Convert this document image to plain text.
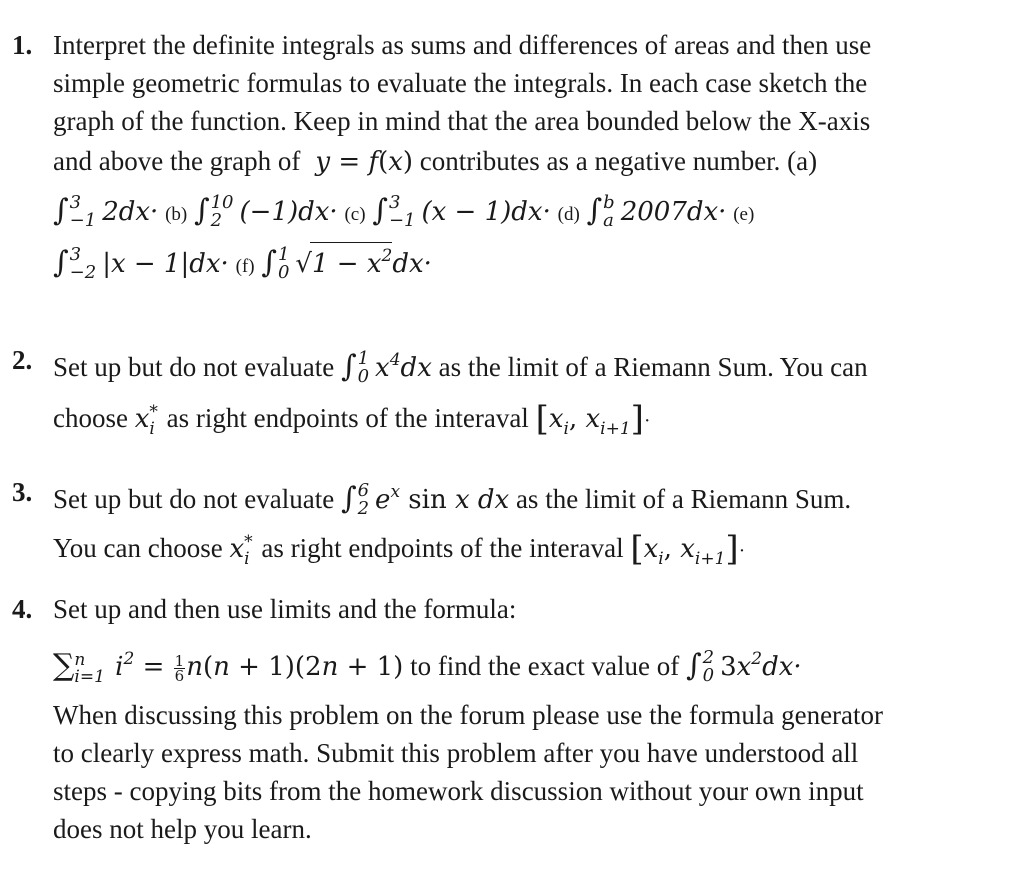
1. Interpret the definite integrals as sums and differences of areas and then use
simple geometric formulas to evaluate the integrals. In each case sketch the
graph of the function. Keep in mind that the area bounded below the X-axis
and above the graph of  y = f(x) contributes as a negative number. (a)
∫ 3
−1 2dx· (b) ∫ 10
2 (−1)dx· (c) ∫ 3
−1 (x − 1)dx· (d) ∫ b
a 2007dx· (e)
∫ 3
−2 |x − 1|dx· (f) ∫ 1
0 $√1 - x^2dx\cdot$
2. Set up but do not evaluate ∫ 1
0 $x^4dx$ as the limit of a Riemann Sum. You can
choose x *
i as right endpoints of the interaval [$x_i$, $x_{i+1}]\cdot$
3. Set up but do not evaluate ∫ 6
2 $e^x$ sin x dx as the limit of a Riemann Sum.
You can choose x *
i as right endpoints of the interaval [$x_i$, $x_{i+1}]\cdot$
4. Set up and then use limits and the formula:
∑ n
i=1 $i^2 = \frac{1}{6} n(n + 1)(2n + 1)$ to find the exact value of ∫ 2
0 $3x^2dx\cdot$
When discussing this problem on the forum please use the formula generator
to clearly express math. Submit this problem after you have understood all
steps - copying bits from the homework discussion without your own input
does not help you learn.
